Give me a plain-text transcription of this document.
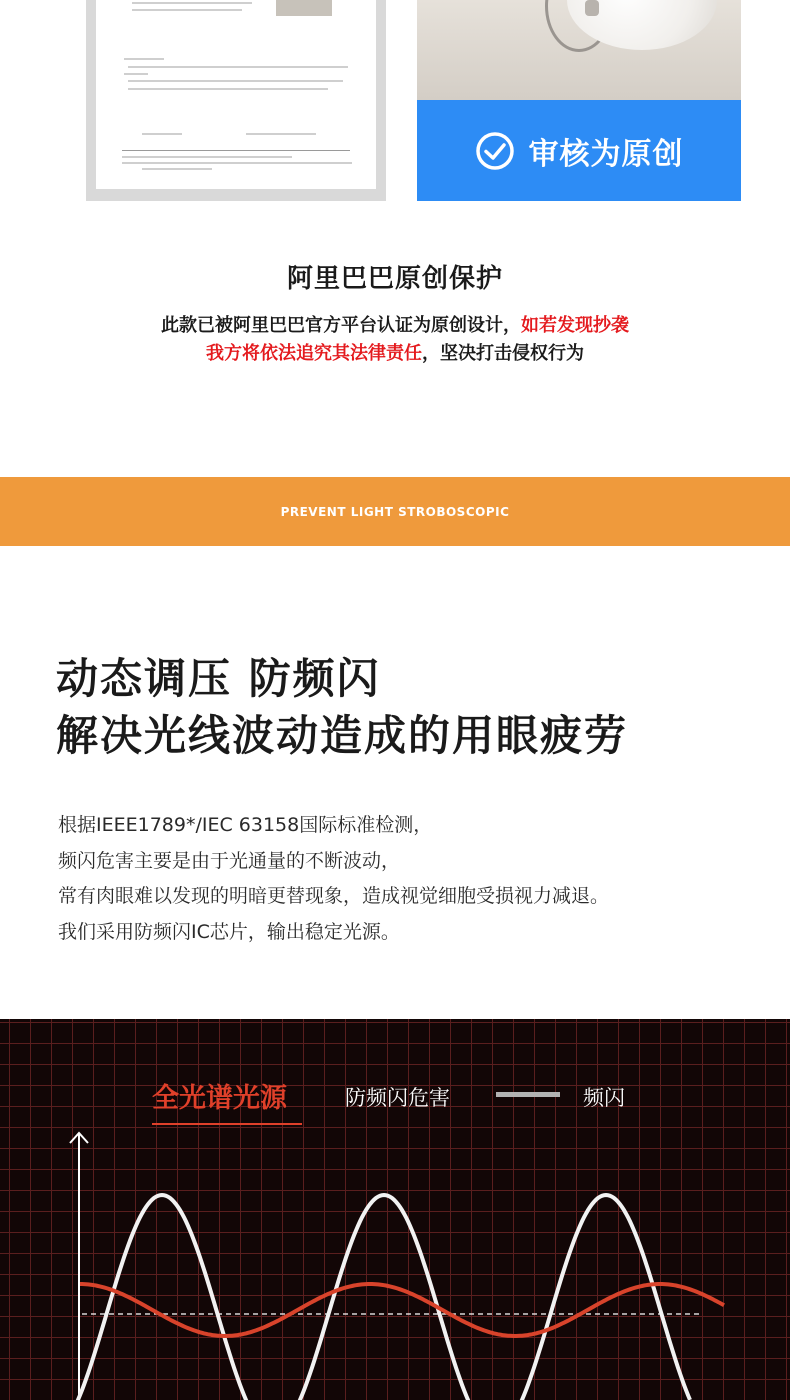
审核为原创
阿里巴巴原创保护
此款已被阿里巴巴官方平台认证为原创设计，如若发现抄袭
我方将依法追究其法律责任，坚决打击侵权行为
PREVENT LIGHT STROBOSCOPIC
动态调压 防频闪
解决光线波动造成的用眼疲劳
根据IEEE1789*/IEC 63158国际标准检测，
频闪危害主要是由于光通量的不断波动，
常有肉眼难以发现的明暗更替现象，造成视觉细胞受损视力减退。
我们采用防频闪IC芯片，输出稳定光源。
全光谱光源	防频闪危害	频闪
